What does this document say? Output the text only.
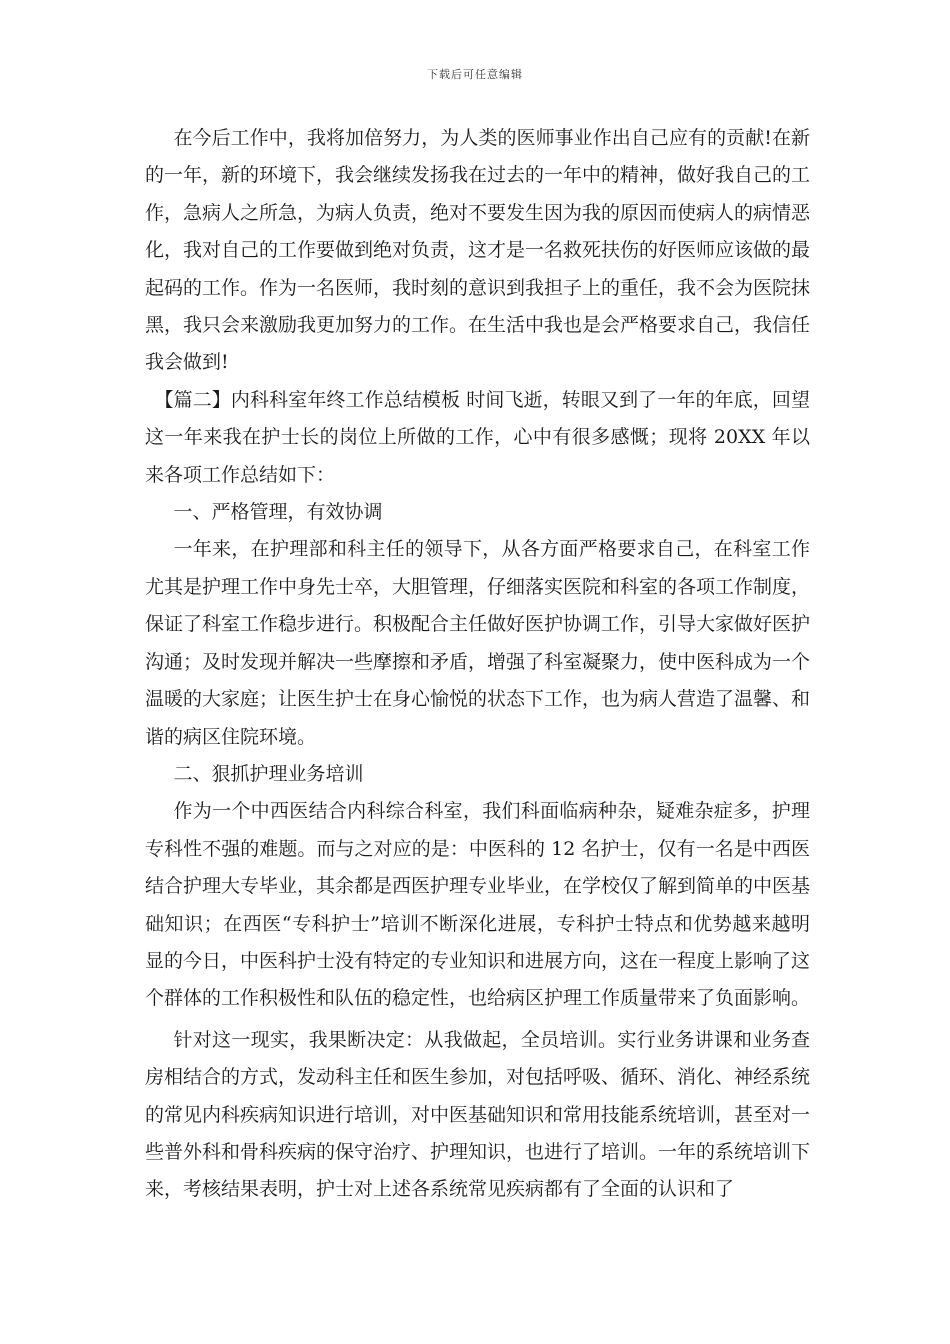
下载后可任意编辑

在今后工作中，我将加倍努力，为人类的医师事业作出自己应有的贡献!在新的一年，新的环境下，我会继续发扬我在过去的一年中的精神，做好我自己的工作，急病人之所急，为病人负责，绝对不要发生因为我的原因而使病人的病情恶化，我对自己的工作要做到绝对负责，这才是一名救死扶伤的好医师应该做的最起码的工作。作为一名医师，我时刻的意识到我担子上的重任，我不会为医院抹黑，我只会来激励我更加努力的工作。在生活中我也是会严格要求自己，我信任我会做到!

【篇二】内科科室年终工作总结模板 时间飞逝，转眼又到了一年的年底，回望这一年来我在护士长的岗位上所做的工作，心中有很多感慨；现将 20XX 年以来各项工作总结如下：

一、严格管理，有效协调

一年来，在护理部和科主任的领导下，从各方面严格要求自己，在科室工作尤其是护理工作中身先士卒，大胆管理，仔细落实医院和科室的各项工作制度，保证了科室工作稳步进行。积极配合主任做好医护协调工作，引导大家做好医护沟通；及时发现并解决一些摩擦和矛盾，增强了科室凝聚力，使中医科成为一个温暖的大家庭；让医生护士在身心愉悦的状态下工作，也为病人营造了温馨、和谐的病区住院环境。

二、狠抓护理业务培训

作为一个中西医结合内科综合科室，我们科面临病种杂，疑难杂症多，护理专科性不强的难题。而与之对应的是：中医科的 12 名护士，仅有一名是中西医结合护理大专毕业，其余都是西医护理专业毕业，在学校仅了解到简单的中医基础知识；在西医“专科护士”培训不断深化进展，专科护士特点和优势越来越明显的今日，中医科护士没有特定的专业知识和进展方向，这在一程度上影响了这个群体的工作积极性和队伍的稳定性，也给病区护理工作质量带来了负面影响。

针对这一现实，我果断决定：从我做起，全员培训。实行业务讲课和业务查房相结合的方式，发动科主任和医生参加，对包括呼吸、循环、消化、神经系统的常见内科疾病知识进行培训，对中医基础知识和常用技能系统培训，甚至对一些普外科和骨科疾病的保守治疗、护理知识，也进行了培训。一年的系统培训下来，考核结果表明，护士对上述各系统常见疾病都有了全面的认识和了
